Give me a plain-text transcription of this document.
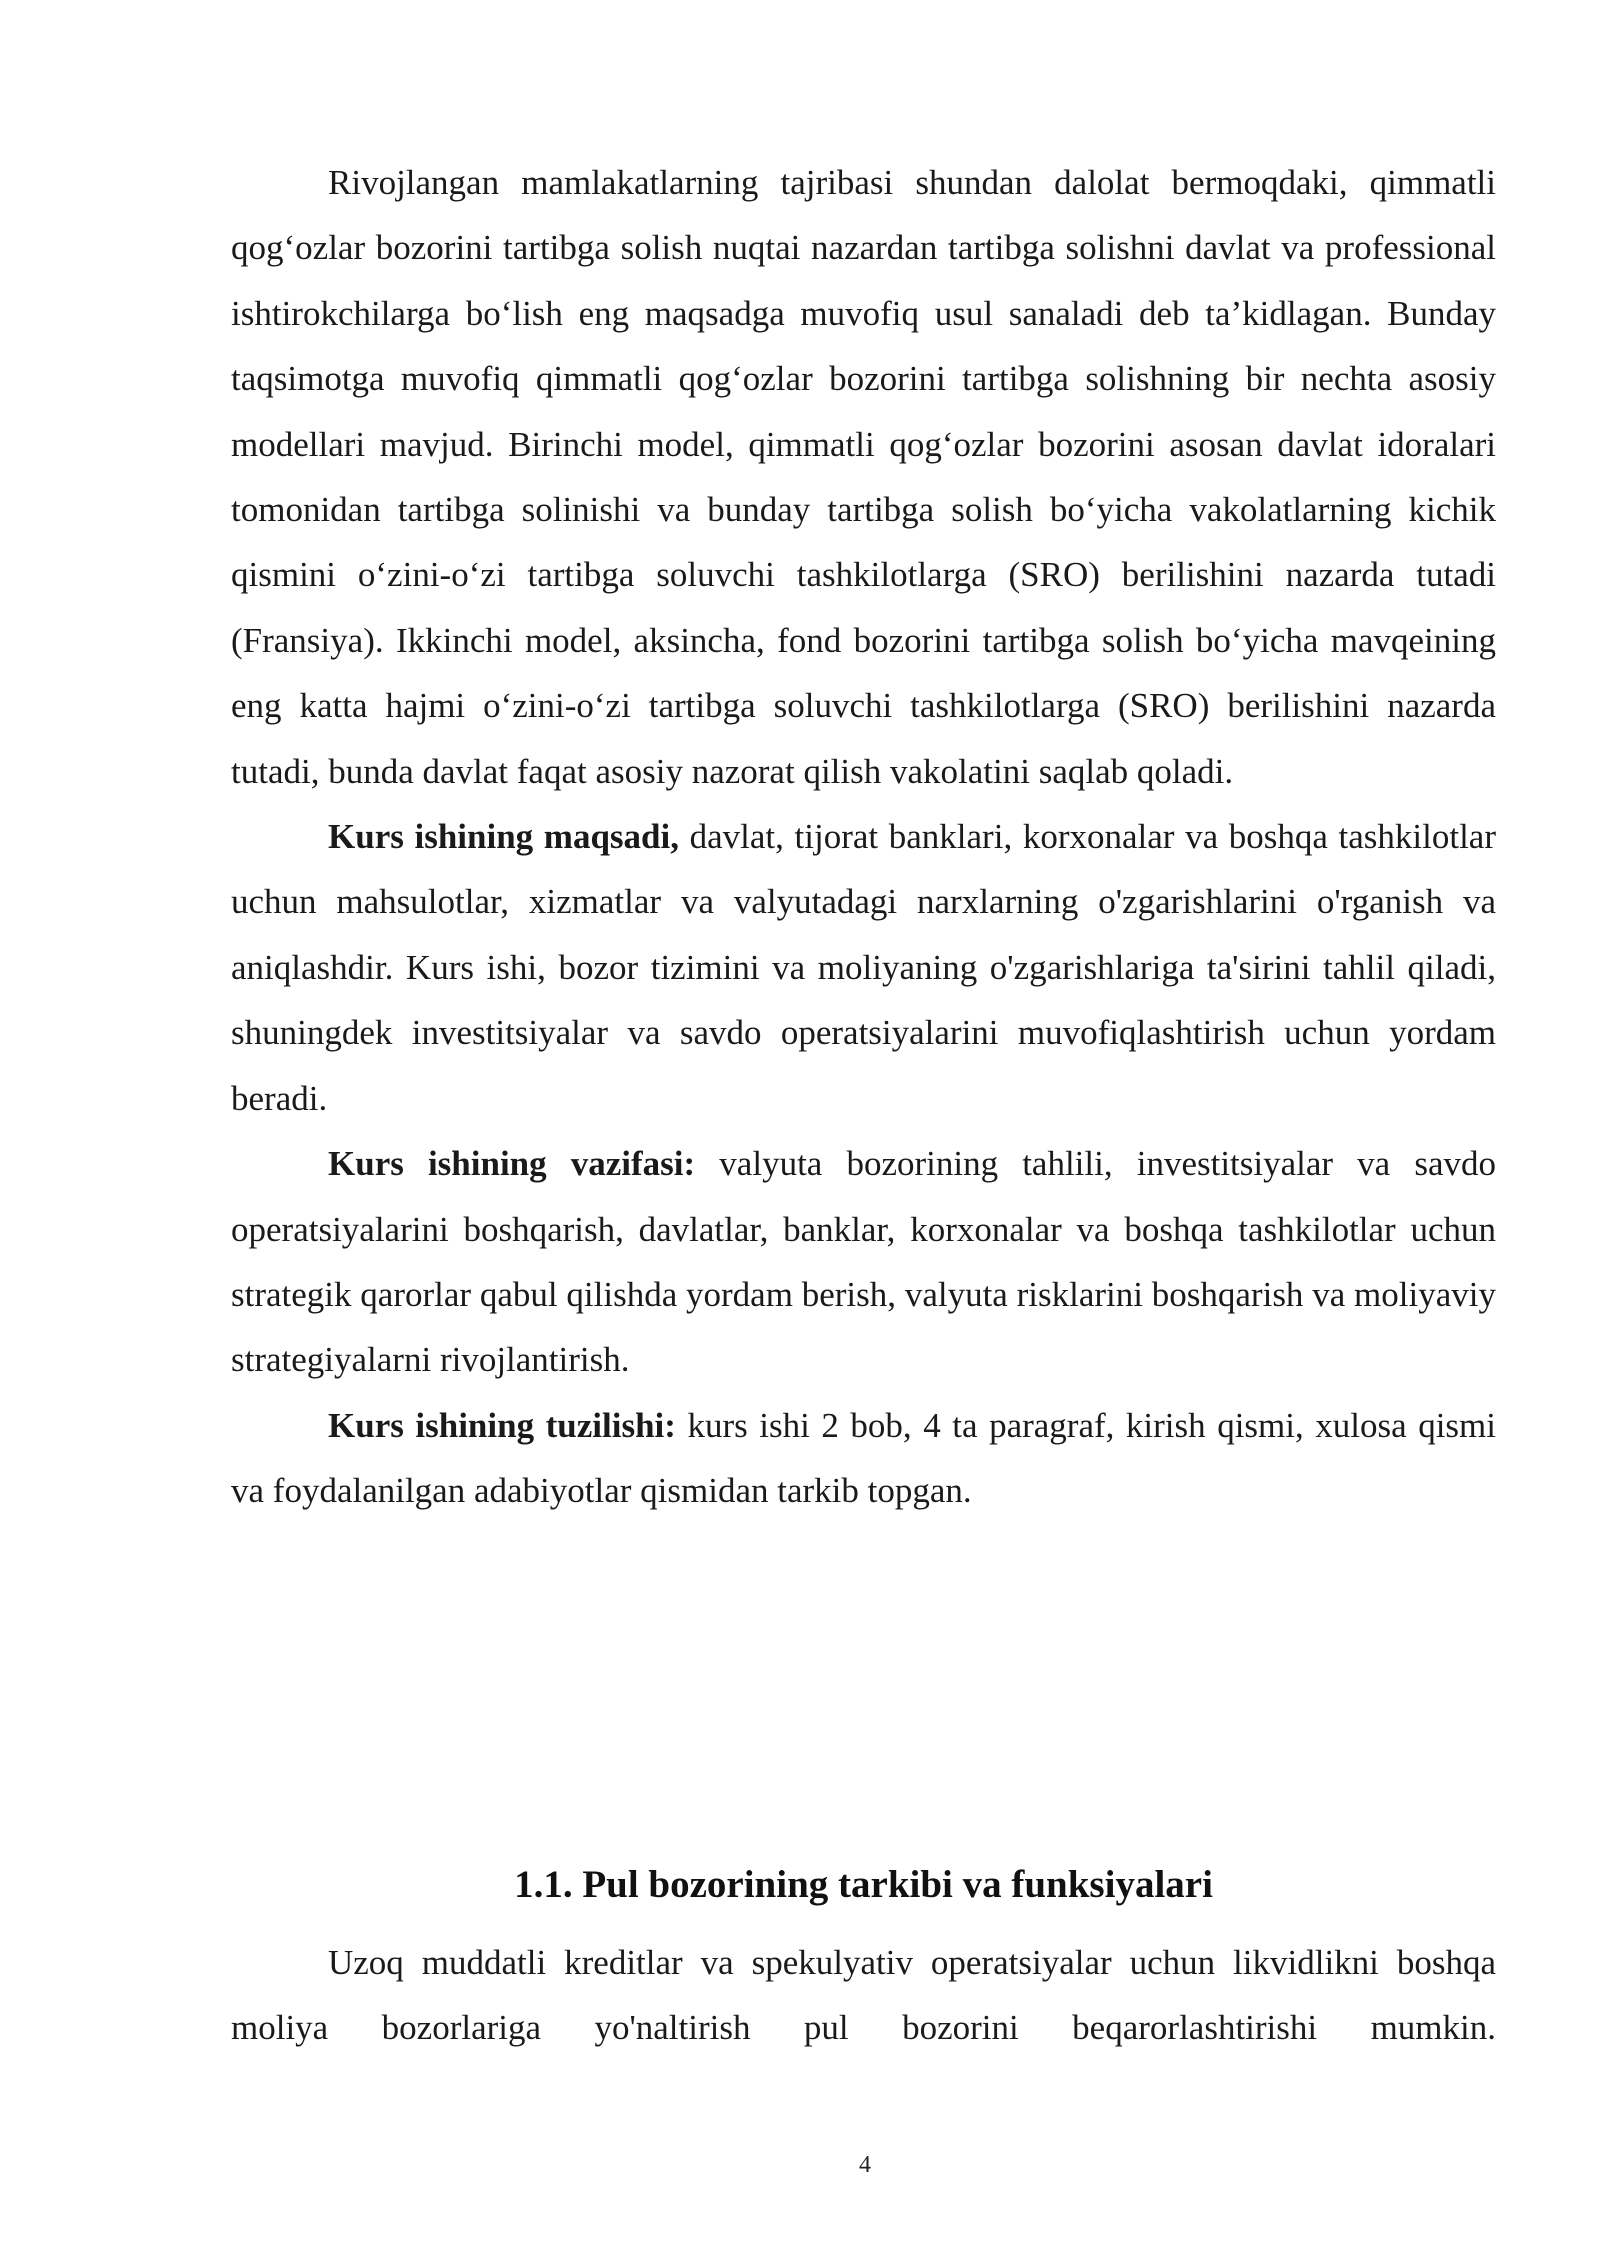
Rivojlangan mamlakatlarning tajribasi shundan dalolat bermoqdaki, qimmatli qog‘ozlar bozorini tartibga solish nuqtai nazardan tartibga solishni davlat va professional ishtirokchilarga bo‘lish eng maqsadga muvofiq usul sanaladi deb ta’kidlagan. Bunday taqsimotga muvofiq qimmatli qog‘ozlar bozorini tartibga solishning bir nechta asosiy modellari mavjud. Birinchi model, qimmatli qog‘ozlar bozorini asosan davlat idoralari tomonidan tartibga solinishi va bunday tartibga solish bo‘yicha vakolatlarning kichik qismini o‘zini-o‘zi tartibga soluvchi tashkilotlarga (SRO) berilishini nazarda tutadi (Fransiya). Ikkinchi model, aksincha, fond bozorini tartibga solish bo‘yicha mavqeining eng katta hajmi o‘zini-o‘zi tartibga soluvchi tashkilotlarga (SRO) berilishini nazarda tutadi, bunda davlat faqat asosiy nazorat qilish vakolatini saqlab qoladi.

Kurs ishining maqsadi, davlat, tijorat banklari, korxonalar va boshqa tashkilotlar uchun mahsulotlar, xizmatlar va valyutadagi narxlarning o'zgarishlarini o'rganish va aniqlashdir. Kurs ishi, bozor tizimini va moliyaning o'zgarishlariga ta'sirini tahlil qiladi, shuningdek investitsiyalar va savdo operatsiyalarini muvofiqlashtirish uchun yordam beradi.

Kurs ishining vazifasi: valyuta bozorining tahlili, investitsiyalar va savdo operatsiyalarini boshqarish, davlatlar, banklar, korxonalar va boshqa tashkilotlar uchun strategik qarorlar qabul qilishda yordam berish, valyuta risklarini boshqarish va moliyaviy strategiyalarni rivojlantirish.

Kurs ishining tuzilishi: kurs ishi 2 bob, 4 ta paragraf, kirish qismi, xulosa qismi va foydalanilgan adabiyotlar qismidan tarkib topgan.

1.1. Pul bozorining tarkibi va funksiyalari

Uzoq muddatli kreditlar va spekulyativ operatsiyalar uchun likvidlikni boshqa moliya bozorlariga yo'naltirish pul bozorini beqarorlashtirishi mumkin.

4
